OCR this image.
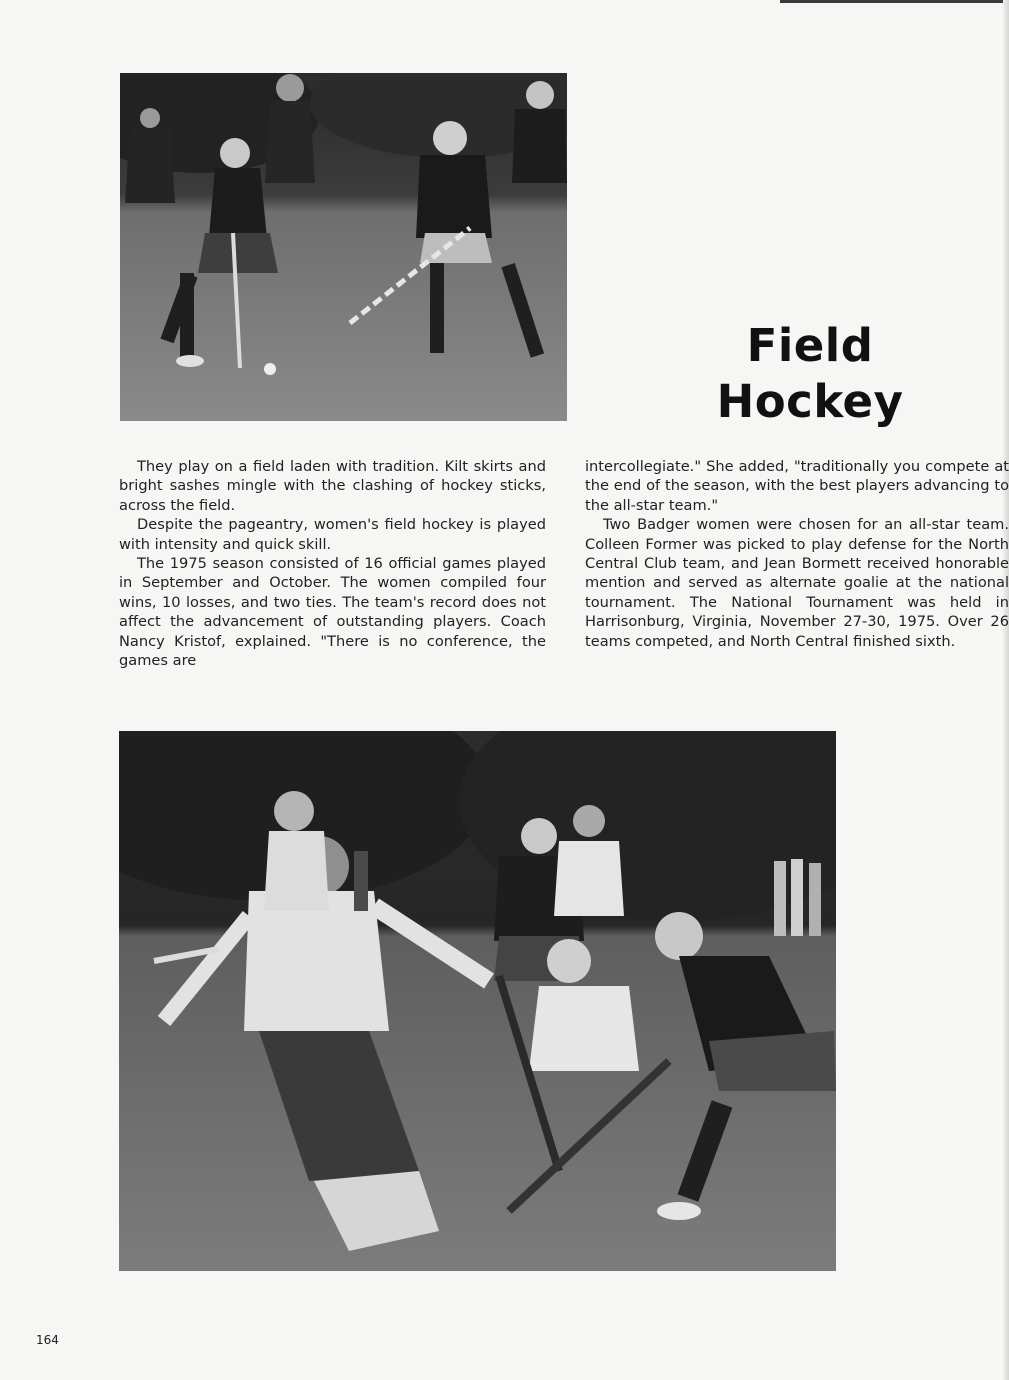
Field
Hockey

They play on a field laden with tradition. Kilt skirts and bright sashes mingle with the clashing of hockey sticks, across the field.

Despite the pageantry, women's field hockey is played with intensity and quick skill.

The 1975 season consisted of 16 official games played in September and October. The women compiled four wins, 10 losses, and two ties. The team's record does not affect the advancement of outstanding players. Coach Nancy Kristof, explained. "There is no conference, the games are

intercollegiate." She added, "traditionally you compete at the end of the season, with the best players advancing to the all-star team."

Two Badger women were chosen for an all-star team. Colleen Former was picked to play defense for the North Central Club team, and Jean Bormett received honorable mention and served as alternate goalie at the national tournament. The National Tournament was held in Harrisonburg, Virginia, November 27-30, 1975. Over 26 teams competed, and North Central finished sixth.

164
